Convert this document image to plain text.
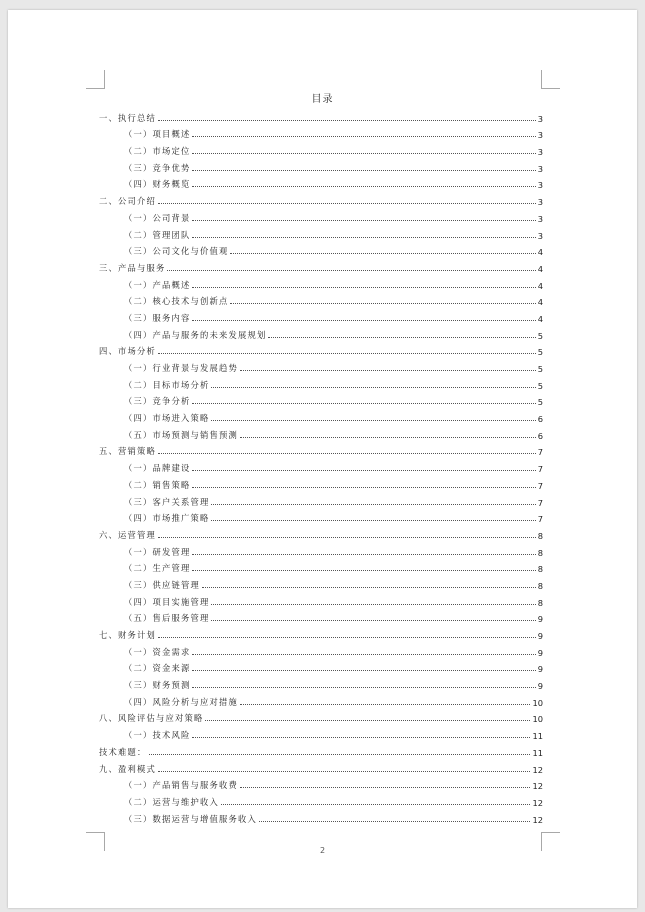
目录
一、执行总结	3
（一）项目概述	3
（二）市场定位	3
（三）竞争优势	3
（四）财务概览	3
二、公司介绍	3
（一）公司背景	3
（二）管理团队	3
（三）公司文化与价值观	4
三、产品与服务	4
（一）产品概述	4
（二）核心技术与创新点	4
（三）服务内容	4
（四）产品与服务的未来发展规划	5
四、市场分析	5
（一）行业背景与发展趋势	5
（二）目标市场分析	5
（三）竞争分析	5
（四）市场进入策略	6
（五）市场预测与销售预测	6
五、营销策略	7
（一）品牌建设	7
（二）销售策略	7
（三）客户关系管理	7
（四）市场推广策略	7
六、运营管理	8
（一）研发管理	8
（二）生产管理	8
（三）供应链管理	8
（四）项目实施管理	8
（五）售后服务管理	9
七、财务计划	9
（一）资金需求	9
（二）资金来源	9
（三）财务预测	9
（四）风险分析与应对措施	10
八、风险评估与应对策略	10
（一）技术风险	11
技术难题：	11
九、盈利模式	12
（一）产品销售与服务收费	12
（二）运营与维护收入	12
（三）数据运营与增值服务收入	12
2
